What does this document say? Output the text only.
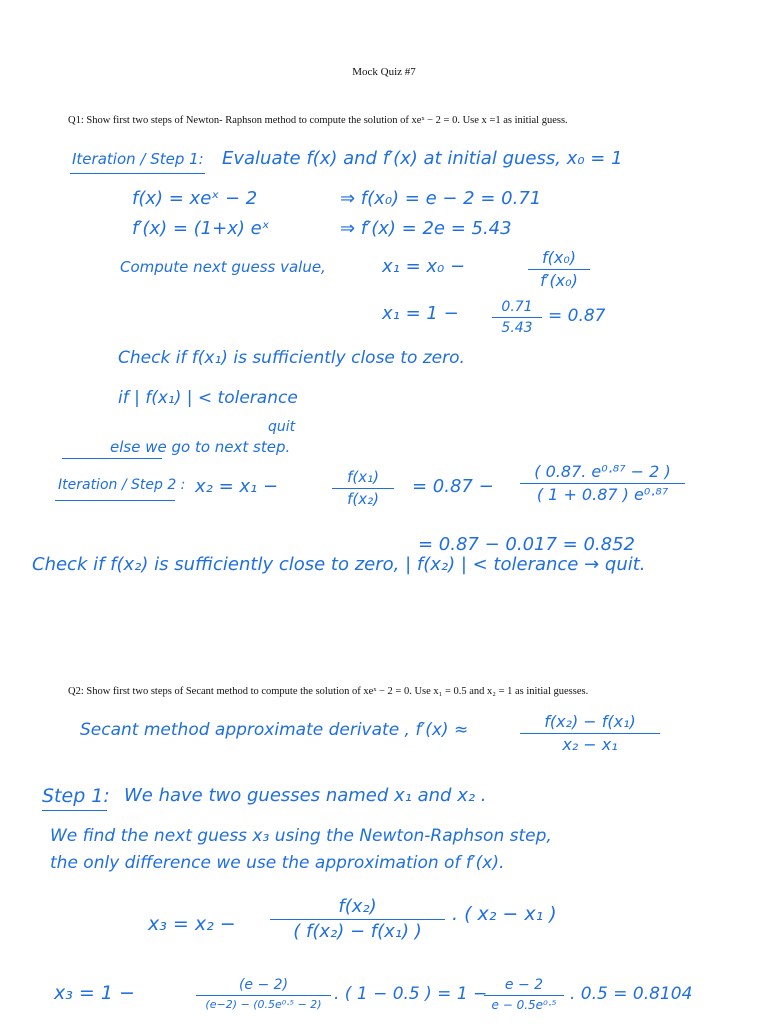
Mock Quiz #7
Q1: Show first two steps of Newton- Raphson method to compute the solution of xeˣ − 2 = 0. Use x =1 as initial guess.
Iteration / Step 1: Evaluate f(x) and f′(x) at initial guess, x₀ = 1
f(x) = xeˣ − 2	⇒ f(x₀) = e − 2 = 0.71
f′(x) = (1+x) eˣ	⇒ f′(x) = 2e = 5.43
Compute next guess value,	x₁ = x₀ −	f(x₀)
f′(x₀)
x₁ = 1 −	0.71
5.43
= 0.87
Check if f(x₁) is sufficiently close to zero.
if | f(x₁) | < tolerance
quit
else we go to next step.
Iteration / Step 2 : x₂ = x₁ −	f(x₁)
f(x₂)
= 0.87 −
( 0.87. e⁰·⁸⁷ − 2 )
( 1 + 0.87 ) e⁰·⁸⁷
= 0.87 − 0.017 = 0.852
Check if f(x₂) is sufficiently close to zero, | f(x₂) | < tolerance → quit.
Q2: Show first two steps of Secant method to compute the solution of xeˣ − 2 = 0. Use x₁ = 0.5 and x₂ = 1 as initial guesses.
Secant method approximate derivate , f′(x) ≈	f(x₂) − f(x₁)
x₂ − x₁
Step 1: We have two guesses named x₁ and x₂ .
We find the next guess x₃ using the Newton-Raphson step,
the only difference we use the approximation of f′(x).
x₃ = x₂ −
f(x₂)
( f(x₂) − f(x₁) )
. ( x₂ − x₁ )
x₃ = 1 −	(e − 2)
(e−2) − (0.5e⁰·⁵ − 2)
. ( 1 − 0.5 ) = 1 −	e − 2
e − 0.5e⁰·⁵
. 0.5 = 0.8104
